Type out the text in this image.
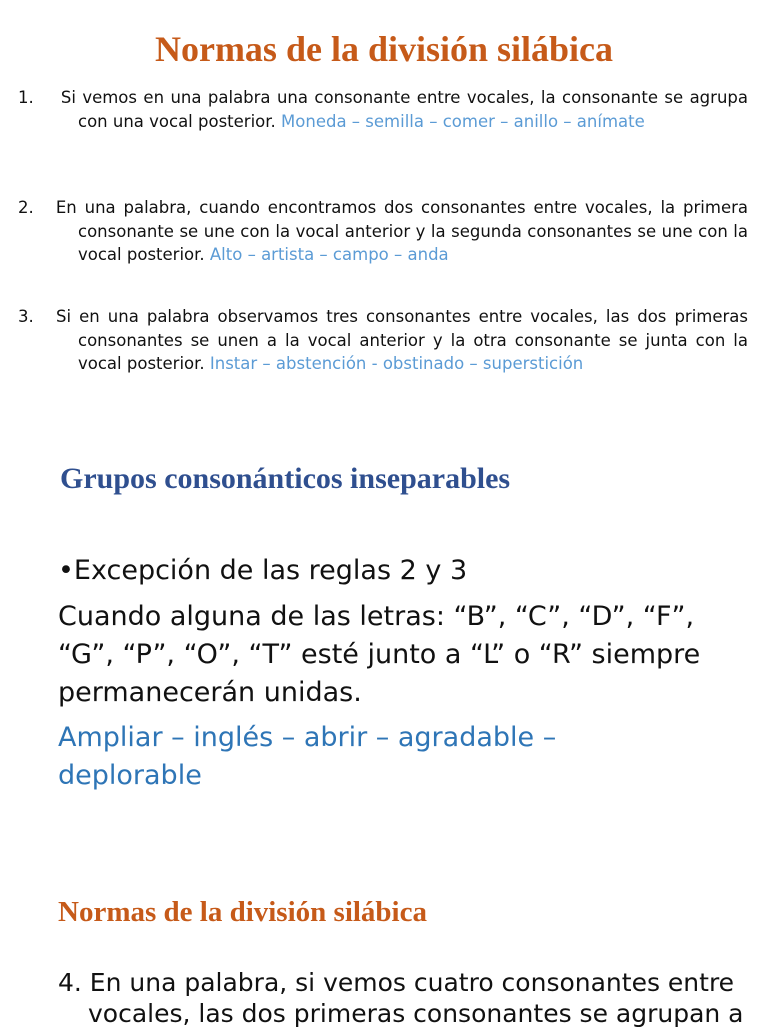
Normas de la división silábica

1. Si vemos en una palabra una consonante entre vocales, la consonante se agrupa con una vocal posterior. Moneda – semilla – comer – anillo – anímate

2. En una palabra, cuando encontramos dos consonantes entre vocales, la primera consonante se une con la vocal anterior y la segunda consonantes se une con la vocal posterior. Alto – artista – campo – anda

3. Si en una palabra observamos tres consonantes entre vocales, las dos primeras consonantes se unen a la vocal anterior y la otra consonante se junta con la vocal posterior. Instar – abstención - obstinado – superstición

Grupos consonánticos inseparables

•Excepción de las reglas 2 y 3

Cuando alguna de las letras: “B”, “C”, “D”, “F”, “G”, “P”, “O”, “T” esté junto a “L” o “R” siempre permanecerán unidas.

Ampliar – inglés – abrir – agradable – deplorable

Normas de la división silábica

4. En una palabra, si vemos cuatro consonantes entre vocales, las dos primeras consonantes se agrupan a
